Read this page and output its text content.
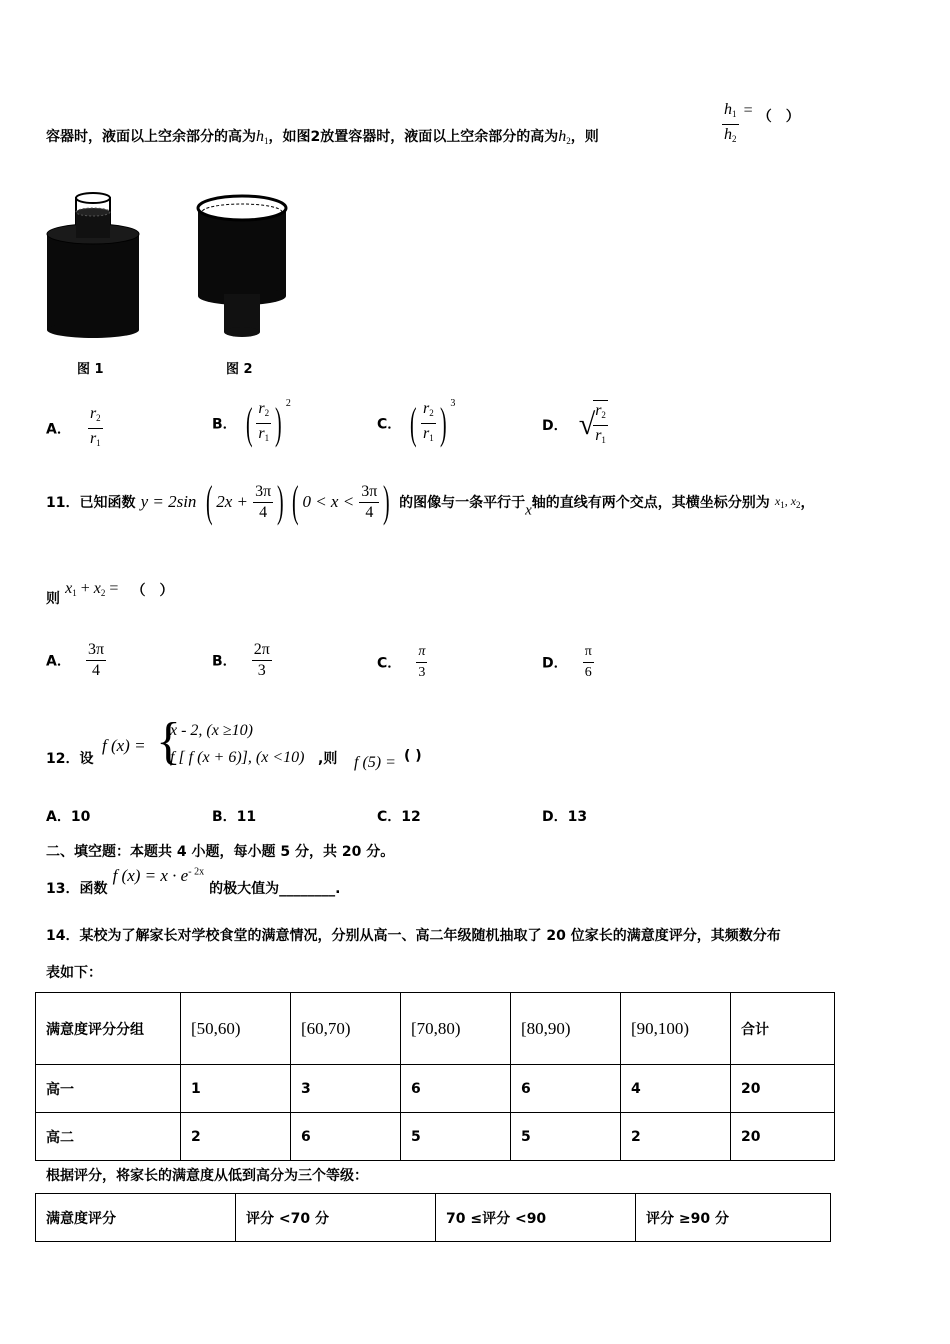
容器时，液面以上空余部分的高为$h_1$，如图2放置容器时，液面以上空余部分的高为$h_2$，则	$\frac{h_1}{h_2}$ = （　）
图 1	图 2
A． $\frac{r_2}{r_1}$	B． ( $\frac{r_2}{r_1}$ ) $^2$
C． ( $\frac{r_2}{r_1}$ ) $^3$
D． √
$\frac{r_2}{r_1}$
11．已知函数 y = 2sin ( $2x + \frac{3\pi}{4}$ ) ( $0 < x < \frac{3\pi}{4}$ ) 的图像与一条平行于x轴的直线有两个交点，其横坐标分别为 $x_1$, $x_2$，
则 $x_1 + x_2$ = （　）
A． $\frac{3\pi}{4}$	B． $\frac{2\pi}{3}$	C． $\frac{\pi}{3}$	D． $\frac{\pi}{6}$
12．设
f (x) = {
x - 2, (x ≥10)
f [ f (x + 6)], (x <10) ,则 f (5) = ( )
A．10	B．11	C．12	D．13
二、填空题：本题共 4 小题，每小题 5 分，共 20 分。
13．函数 f $(x) = x \cdot e^{- 2x}$ 的极大值为________.
14．某校为了解家长对学校食堂的满意情况，分别从高一、高二年级随机抽取了 20 位家长的满意度评分，其频数分布
表如下：
满意度评分分组	[50,60)	[60,70)	[70,80)	[80,90)	[90,100)	合计
高一	1	3	6	6	4	20
高二	2	6	5	5	2	20
根据评分，将家长的满意度从低到高分为三个等级：
满意度评分	评分 <70 分	70 ≤评分 <90	评分 ≥90 分
